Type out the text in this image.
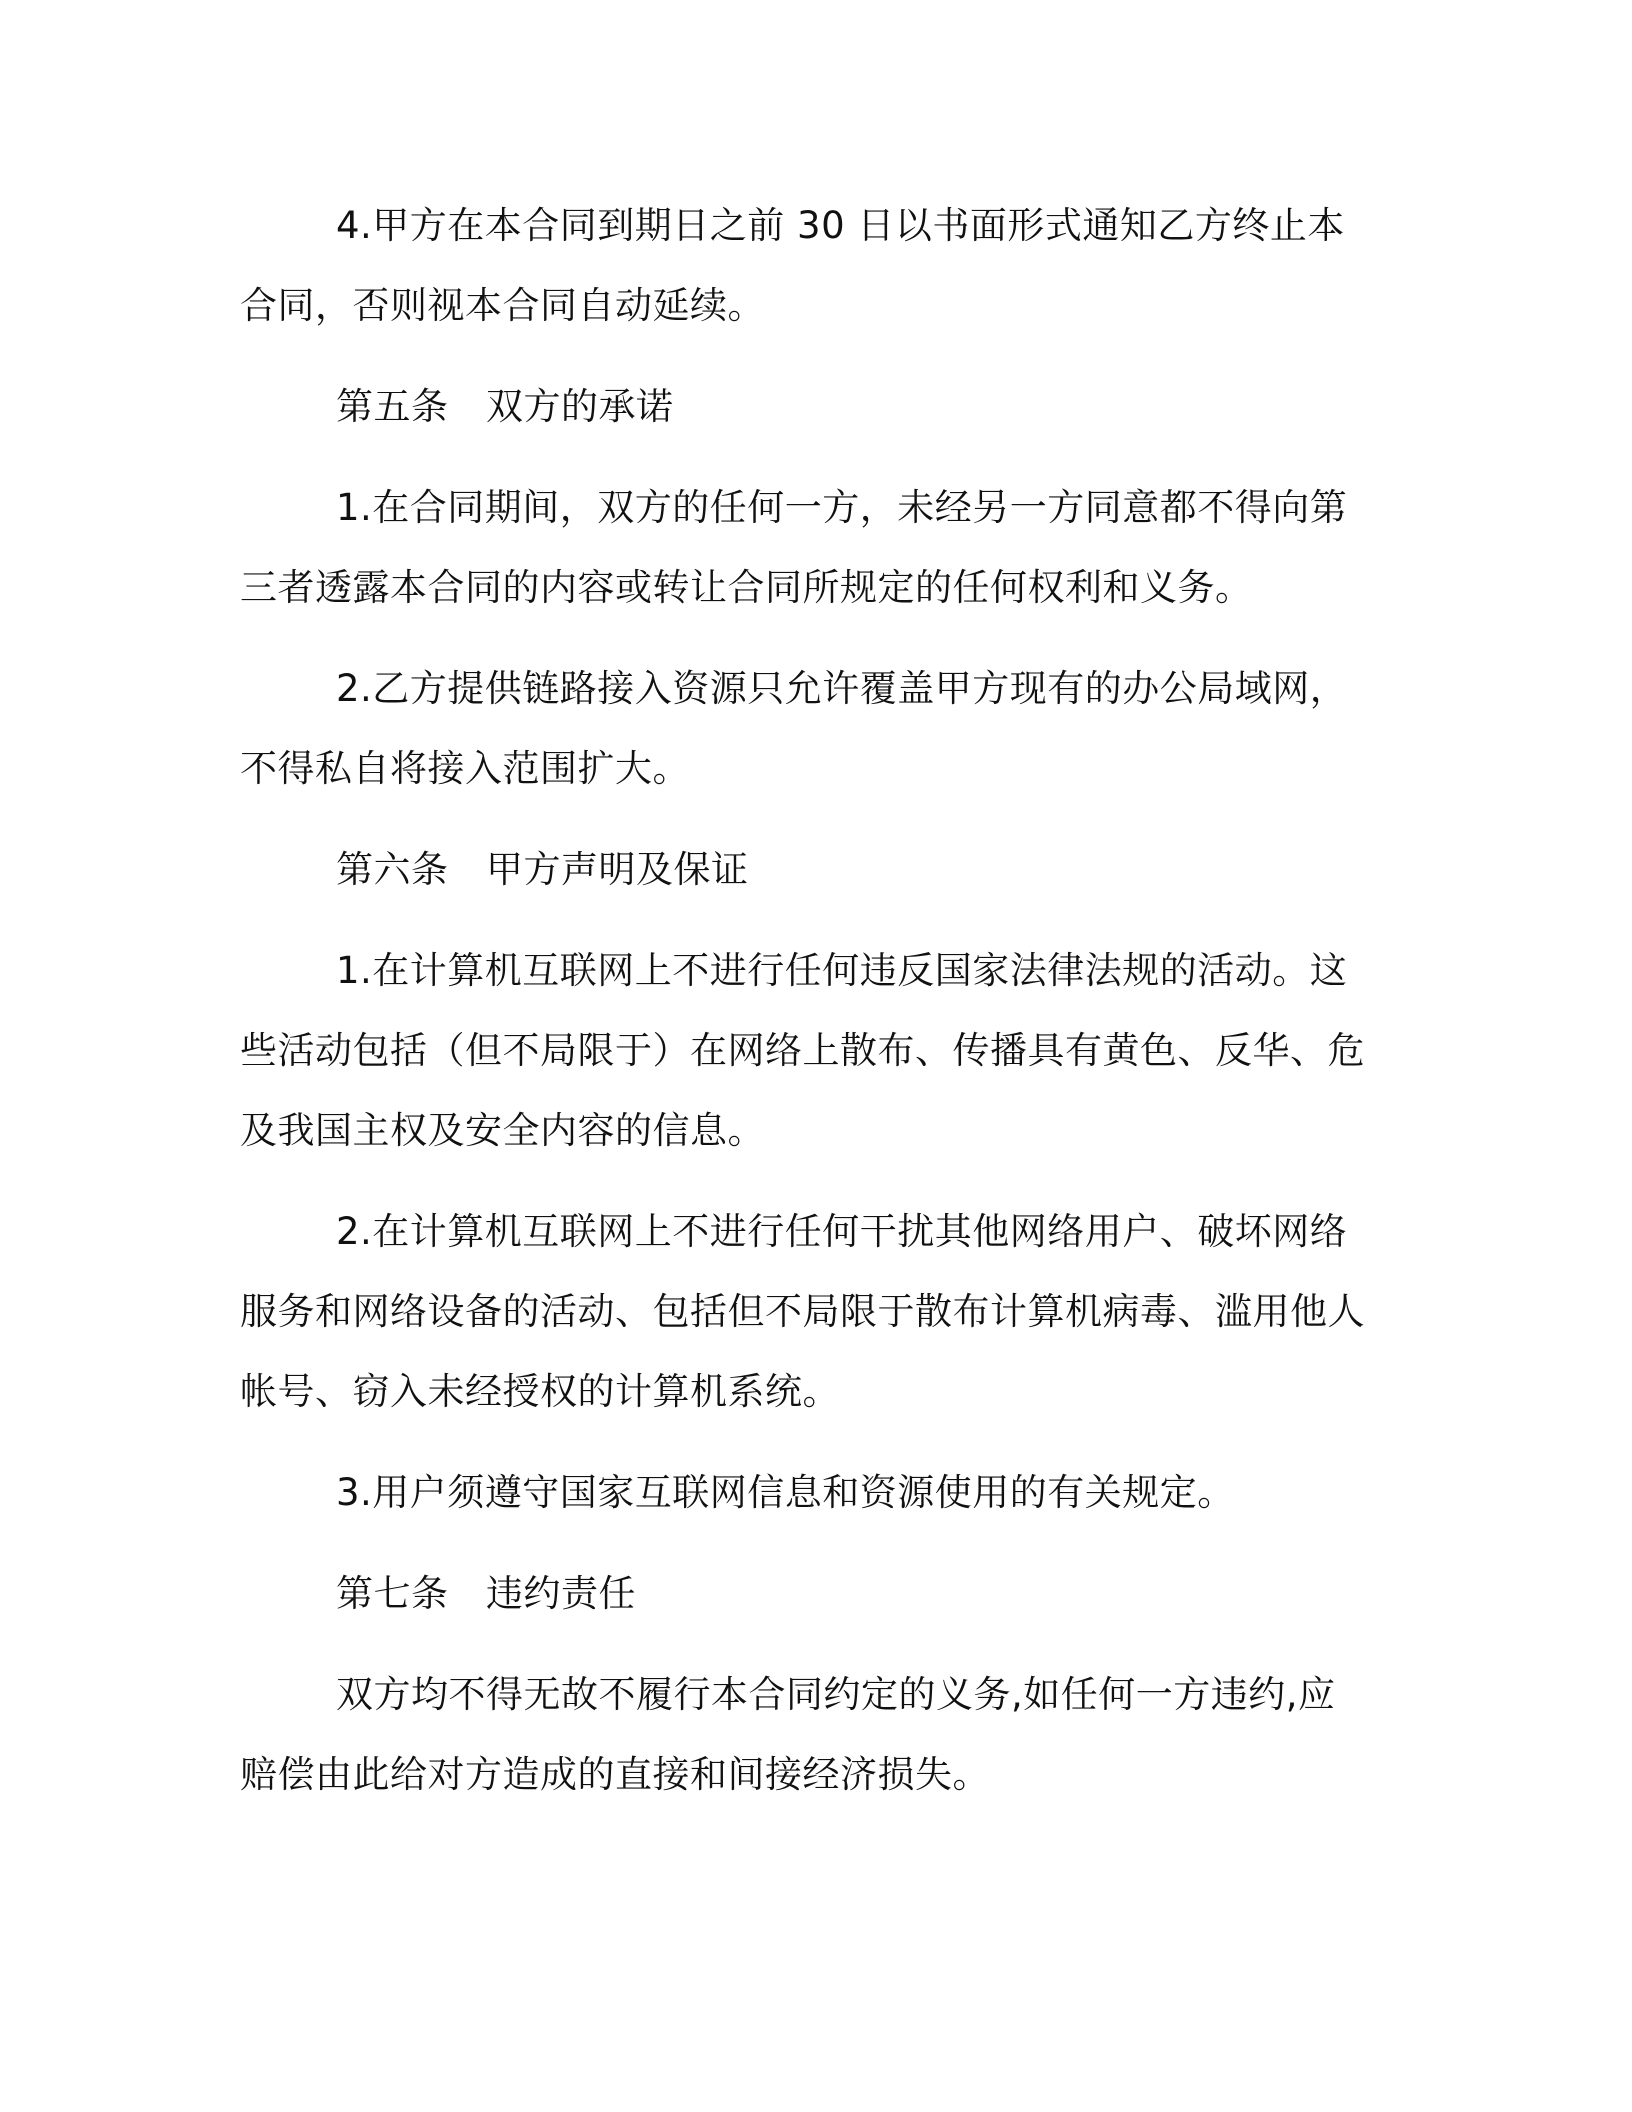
4.甲方在本合同到期日之前 30 日以书面形式通知乙方终止本合同，否则视本合同自动延续。

第五条　双方的承诺

1.在合同期间，双方的任何一方，未经另一方同意都不得向第三者透露本合同的内容或转让合同所规定的任何权利和义务。

2.乙方提供链路接入资源只允许覆盖甲方现有的办公局域网，不得私自将接入范围扩大。

第六条　甲方声明及保证

1.在计算机互联网上不进行任何违反国家法律法规的活动。这些活动包括（但不局限于）在网络上散布、传播具有黄色、反华、危及我国主权及安全内容的信息。

2.在计算机互联网上不进行任何干扰其他网络用户、破坏网络服务和网络设备的活动、包括但不局限于散布计算机病毒、滥用他人帐号、窃入未经授权的计算机系统。

3.用户须遵守国家互联网信息和资源使用的有关规定。

第七条　违约责任

双方均不得无故不履行本合同约定的义务,如任何一方违约,应赔偿由此给对方造成的直接和间接经济损失。
